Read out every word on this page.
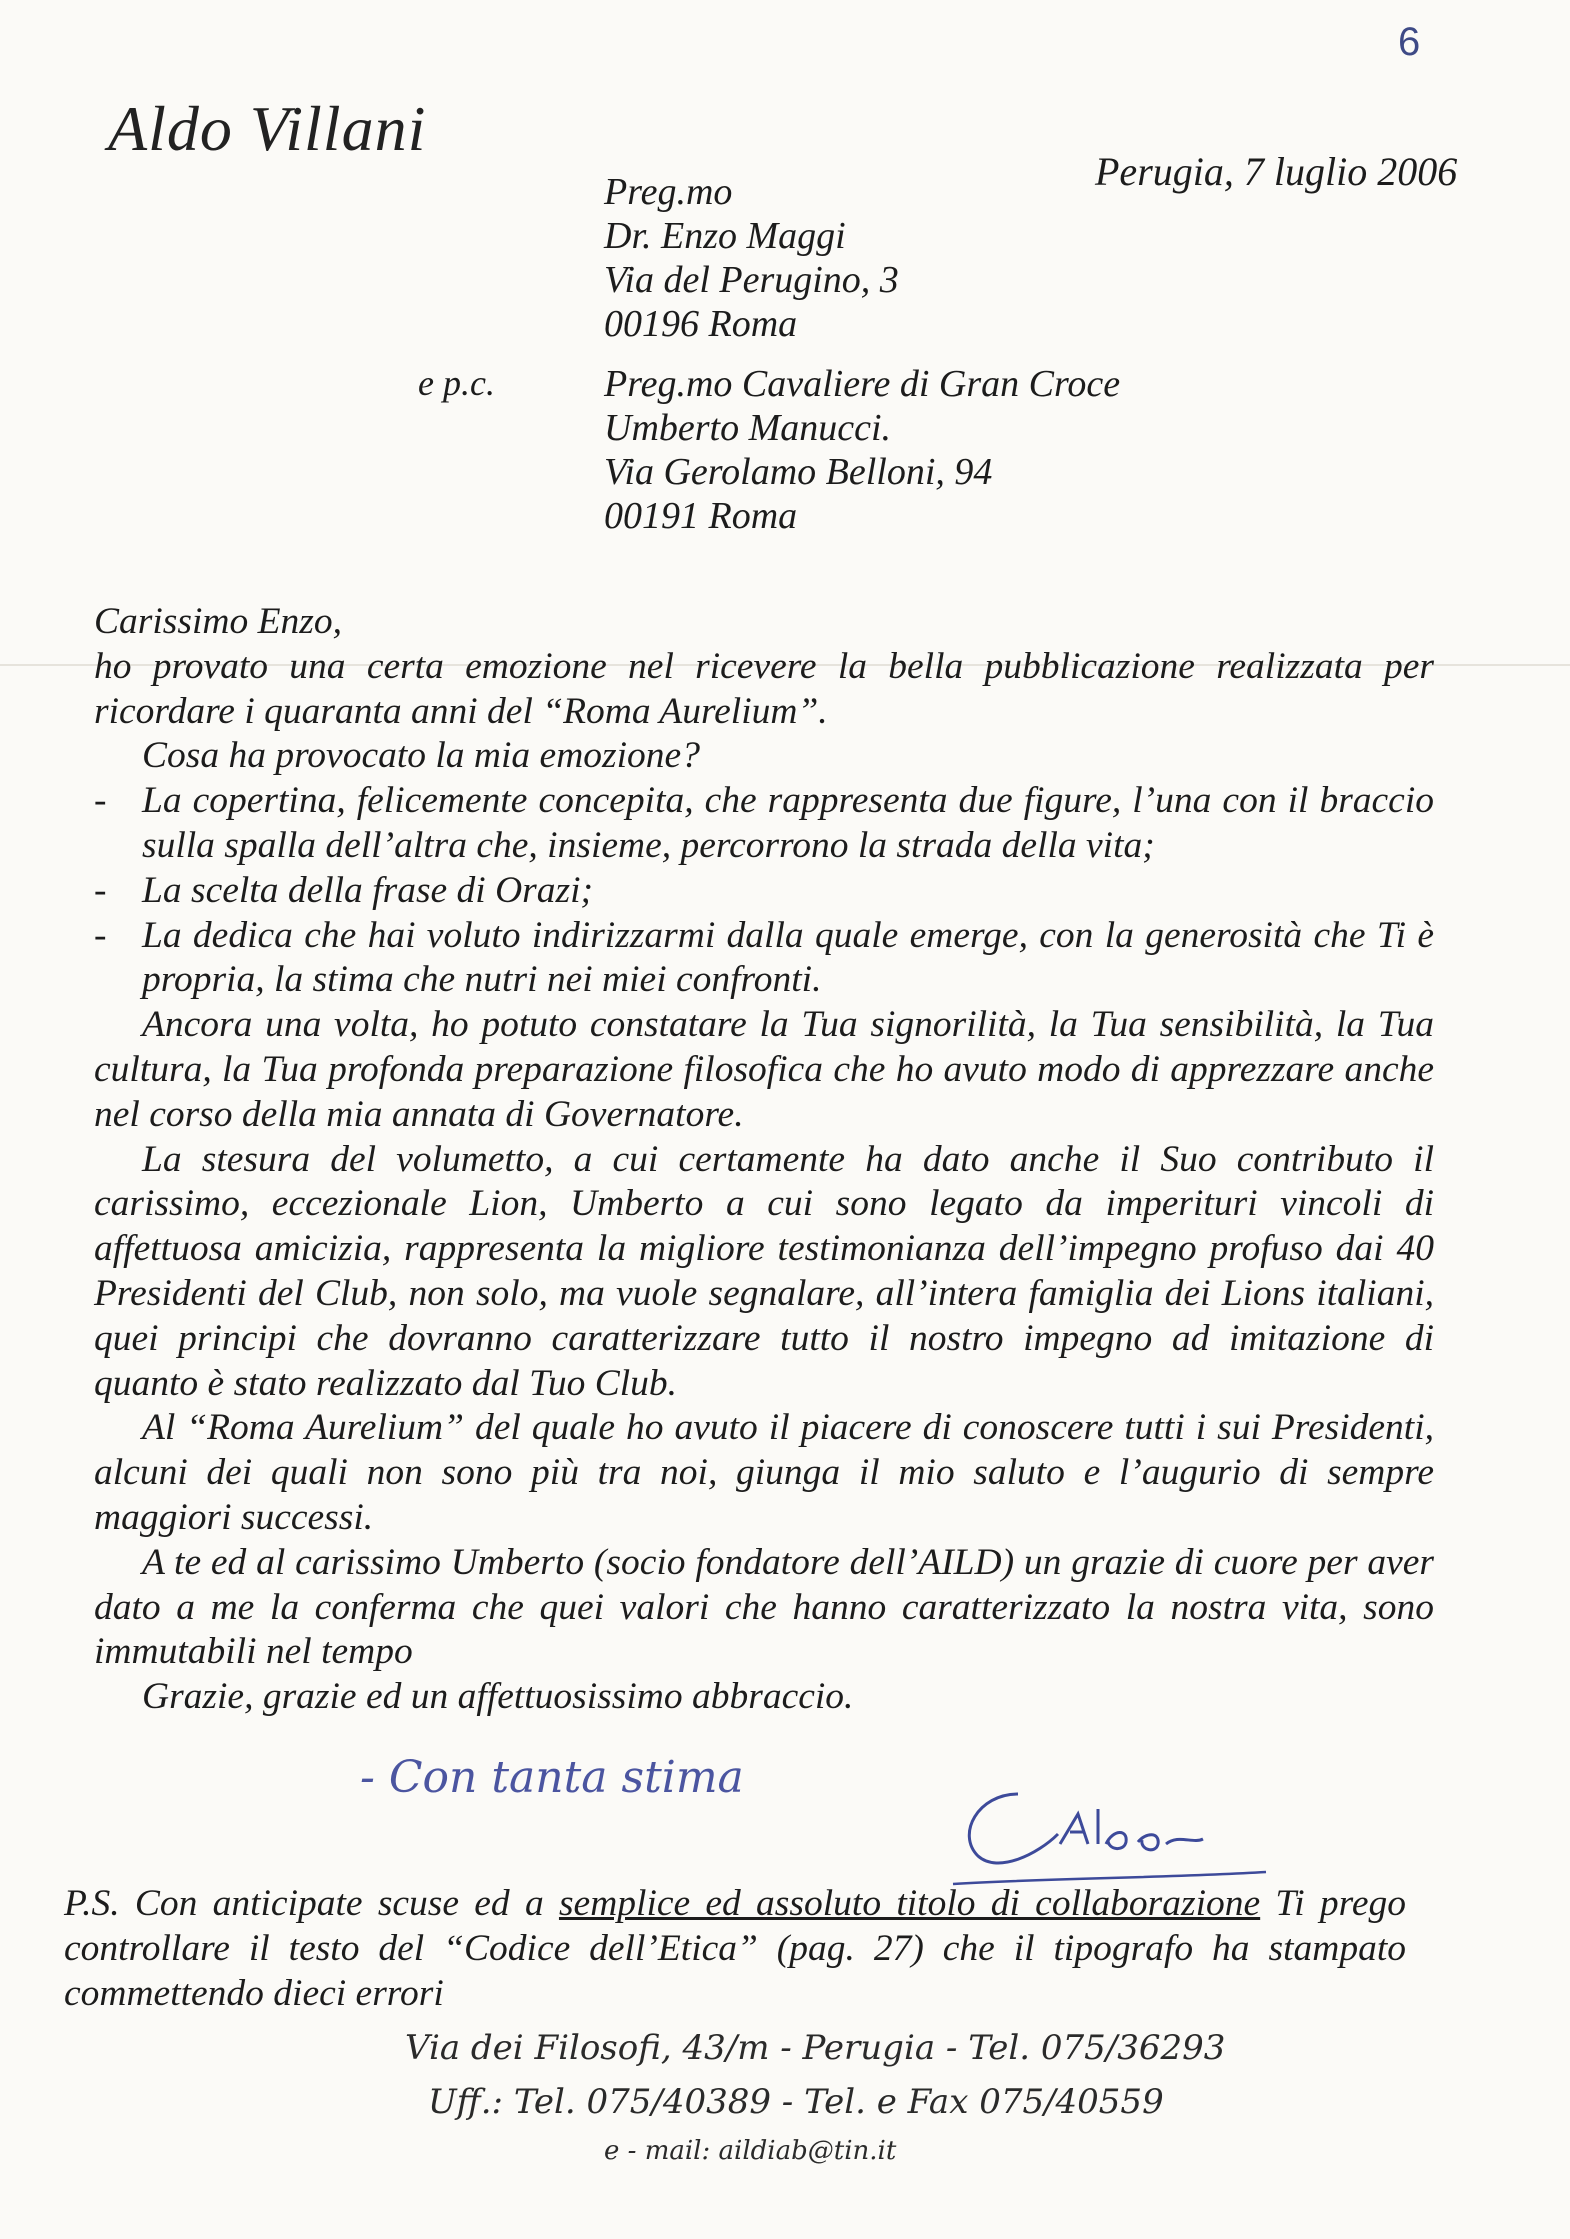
6
Aldo Villani
Perugia, 7 luglio 2006
Preg.mo
Dr. Enzo Maggi
Via del Perugino, 3
00196 Roma
e p.c.	Preg.mo Cavaliere di Gran Croce
Umberto Manucci.
Via Gerolamo Belloni, 94
00191 Roma

Carissimo Enzo,

ho provato una certa emozione nel ricevere la bella pubblicazione realizzata per ricordare i quaranta anni del “Roma Aurelium”.

Cosa ha provocato la mia emozione?

- La copertina, felicemente concepita, che rappresenta due figure, l’una con il braccio sulla spalla dell’altra che, insieme, percorrono la strada della vita;

- La scelta della frase di Orazi;

- La dedica che hai voluto indirizzarmi dalla quale emerge, con la generosità che Ti è propria, la stima che nutri nei miei confronti.

Ancora una volta, ho potuto constatare la Tua signorilità, la Tua sensibilità, la Tua cultura, la Tua profonda preparazione filosofica che ho avuto modo di apprezzare anche nel corso della mia annata di Governatore.

La stesura del volumetto, a cui certamente ha dato anche il Suo contributo il carissimo, eccezionale Lion, Umberto a cui sono legato da imperituri vincoli di affettuosa amicizia, rappresenta la migliore testimonianza dell’impegno profuso dai 40 Presidenti del Club, non solo, ma vuole segnalare, all’intera famiglia dei Lions italiani, quei principi che dovranno caratterizzare tutto il nostro impegno ad imitazione di quanto è stato realizzato dal Tuo Club.

Al “Roma Aurelium” del quale ho avuto il piacere di conoscere tutti i sui Presidenti, alcuni dei quali non sono più tra noi, giunga il mio saluto e l’augurio di sempre maggiori successi.

A te ed al carissimo Umberto (socio fondatore dell’AILD) un grazie di cuore per aver dato a me la conferma che quei valori che hanno caratterizzato la nostra vita, sono immutabili nel tempo

Grazie, grazie ed un affettuosissimo abbraccio.

- Con tanta stima
P.S. Con anticipate scuse ed a semplice ed assoluto titolo di collaborazione Ti prego controllare il testo del “Codice dell’Etica” (pag. 27) che il tipografo ha stampato commettendo dieci errori
Via dei Filosofi, 43/m - Perugia - Tel. 075/36293
Uff.: Tel. 075/40389 - Tel. e Fax 075/40559
e - mail: aildiab@tin.it
